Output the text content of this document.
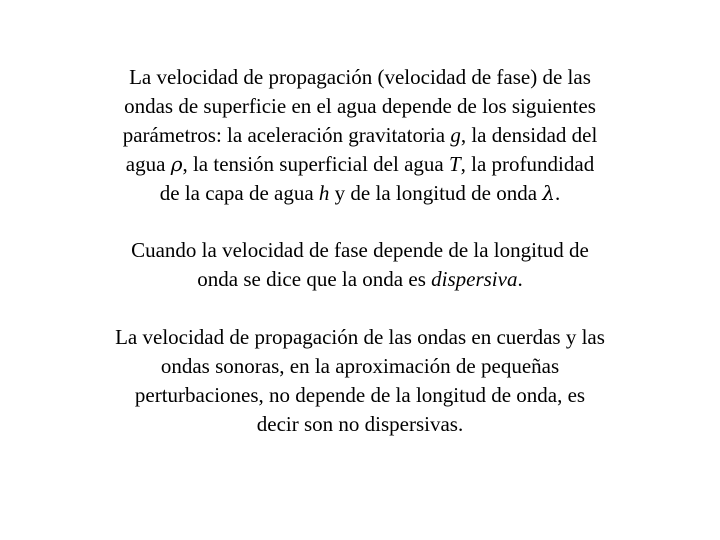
La velocidad de propagación (velocidad de fase) de las
ondas de superficie en el agua depende de los siguientes
parámetros: la aceleración gravitatoria g, la densidad del
agua ρ, la tensión superficial del agua T, la profundidad
de la capa de agua h y de la longitud de onda λ.

Cuando la velocidad de fase depende de la longitud de
onda se dice que la onda es dispersiva.

La velocidad de propagación de las ondas en cuerdas y las
ondas sonoras, en la aproximación de pequeñas
perturbaciones, no depende de la longitud de onda, es
decir son no dispersivas.
